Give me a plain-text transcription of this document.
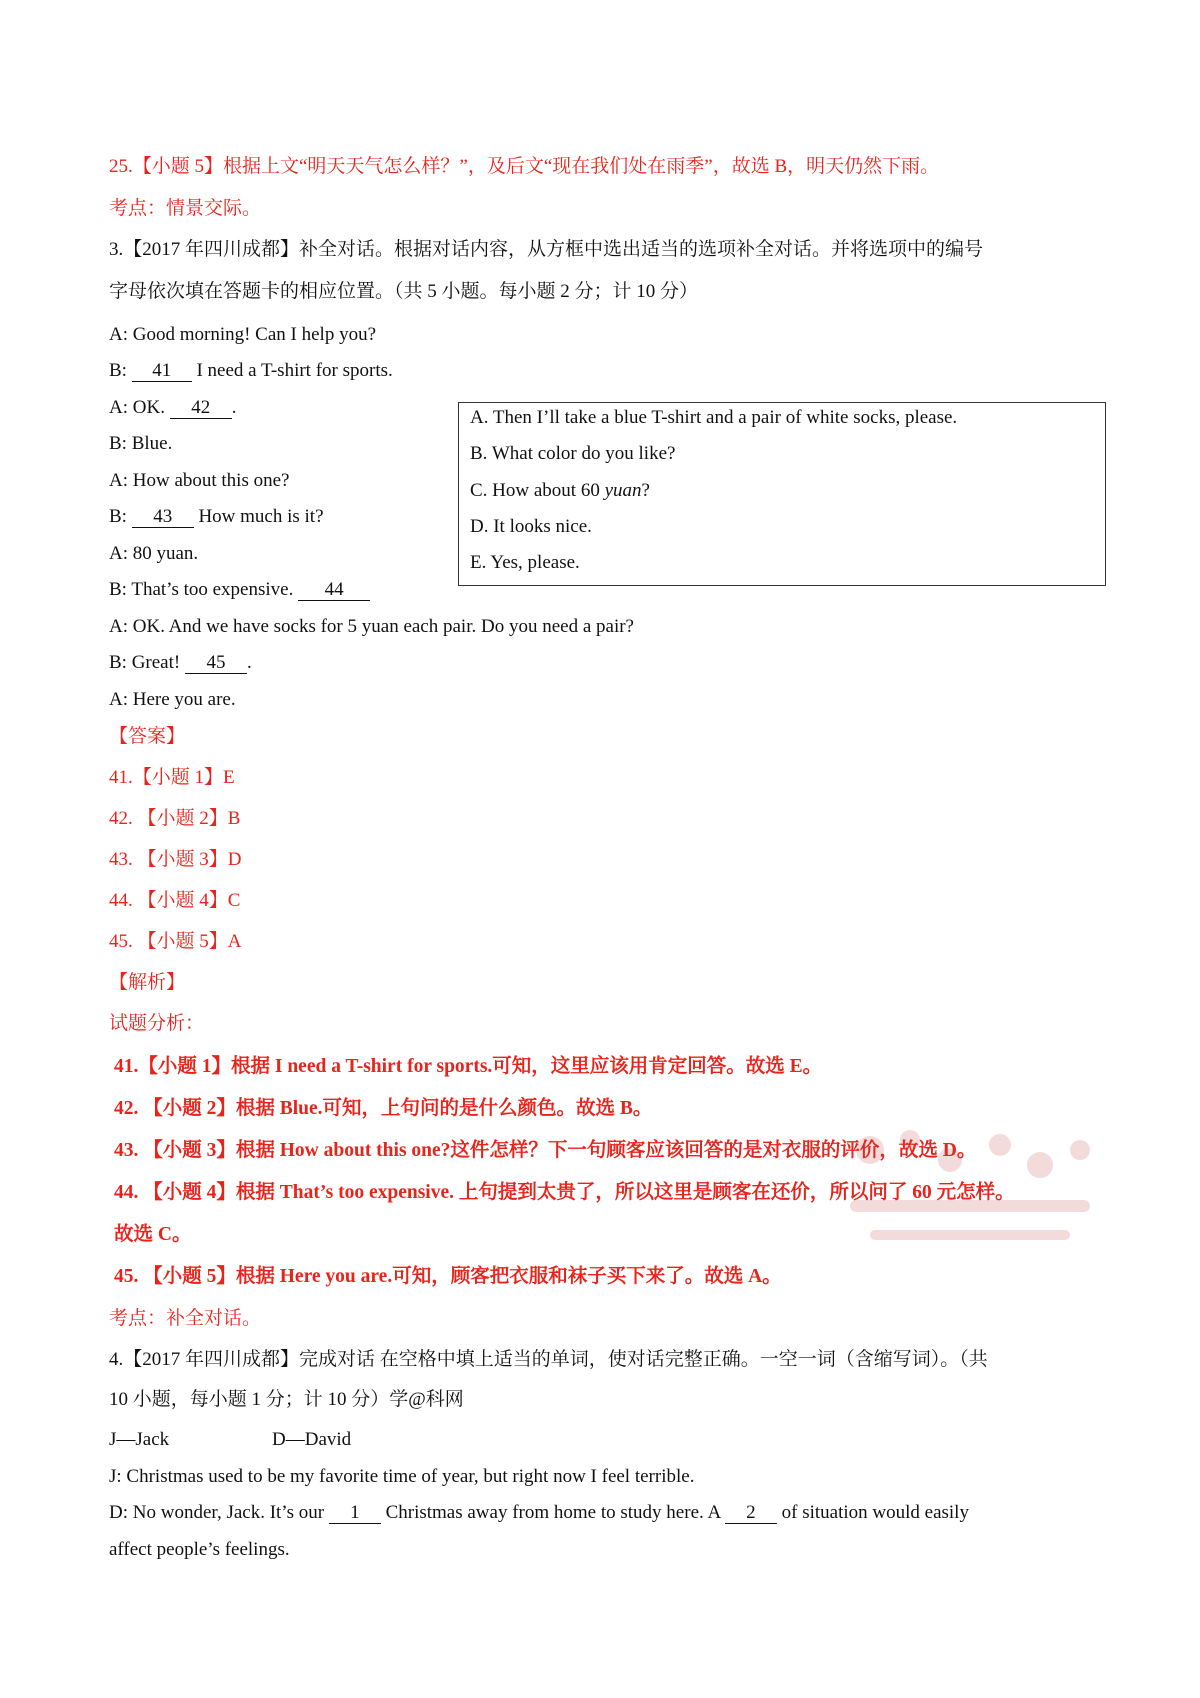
25.【小题 5】根据上文“明天天气怎么样？”，及后文“现在我们处在雨季”，故选 B，明天仍然下雨。
考点：情景交际。
3.【2017 年四川成都】补全对话。根据对话内容，从方框中选出适当的选项补全对话。并将选项中的编号
字母依次填在答题卡的相应位置。（共 5 小题。每小题 2 分；计 10 分）
A: Good morning! Can I help you?
B: 41 I need a T-shirt for sports.
A: OK. 42 .
B: Blue.
A: How about this one?
B: 43 How much is it?
A: 80 yuan.
B: That’s too expensive. 44
A: OK. And we have socks for 5 yuan each pair. Do you need a pair?
B: Great! 45 .
A: Here you are.
A. Then I’ll take a blue T-shirt and a pair of white socks, please.
B. What color do you like?
C. How about 60 yuan?
D. It looks nice.
E. Yes, please.
【答案】
41.【小题 1】E
42. 【小题 2】B
43. 【小题 3】D
44. 【小题 4】C
45. 【小题 5】A
【解析】
试题分析：
41.【小题 1】根据 I need a T-shirt for sports.可知，这里应该用肯定回答。故选 E。
42. 【小题 2】根据 Blue.可知，上句问的是什么颜色。故选 B。
43. 【小题 3】根据 How about this one?这件怎样？下一句顾客应该回答的是对衣服的评价，故选 D。
44. 【小题 4】根据 That’s too expensive. 上句提到太贵了，所以这里是顾客在还价，所以问了 60 元怎样。
故选 C。
45. 【小题 5】根据 Here you are.可知，顾客把衣服和袜子买下来了。故选 A。
考点：补全对话。
4.【2017 年四川成都】完成对话 在空格中填上适当的单词，使对话完整正确。一空一词（含缩写词）。（共
10 小题，每小题 1 分；计 10 分）学@科网
J—Jack	D—David
J: Christmas used to be my favorite time of year, but right now I feel terrible.
D: No wonder, Jack. It’s our 1 Christmas away from home to study here. A 2 of situation would easily
affect people’s feelings.
